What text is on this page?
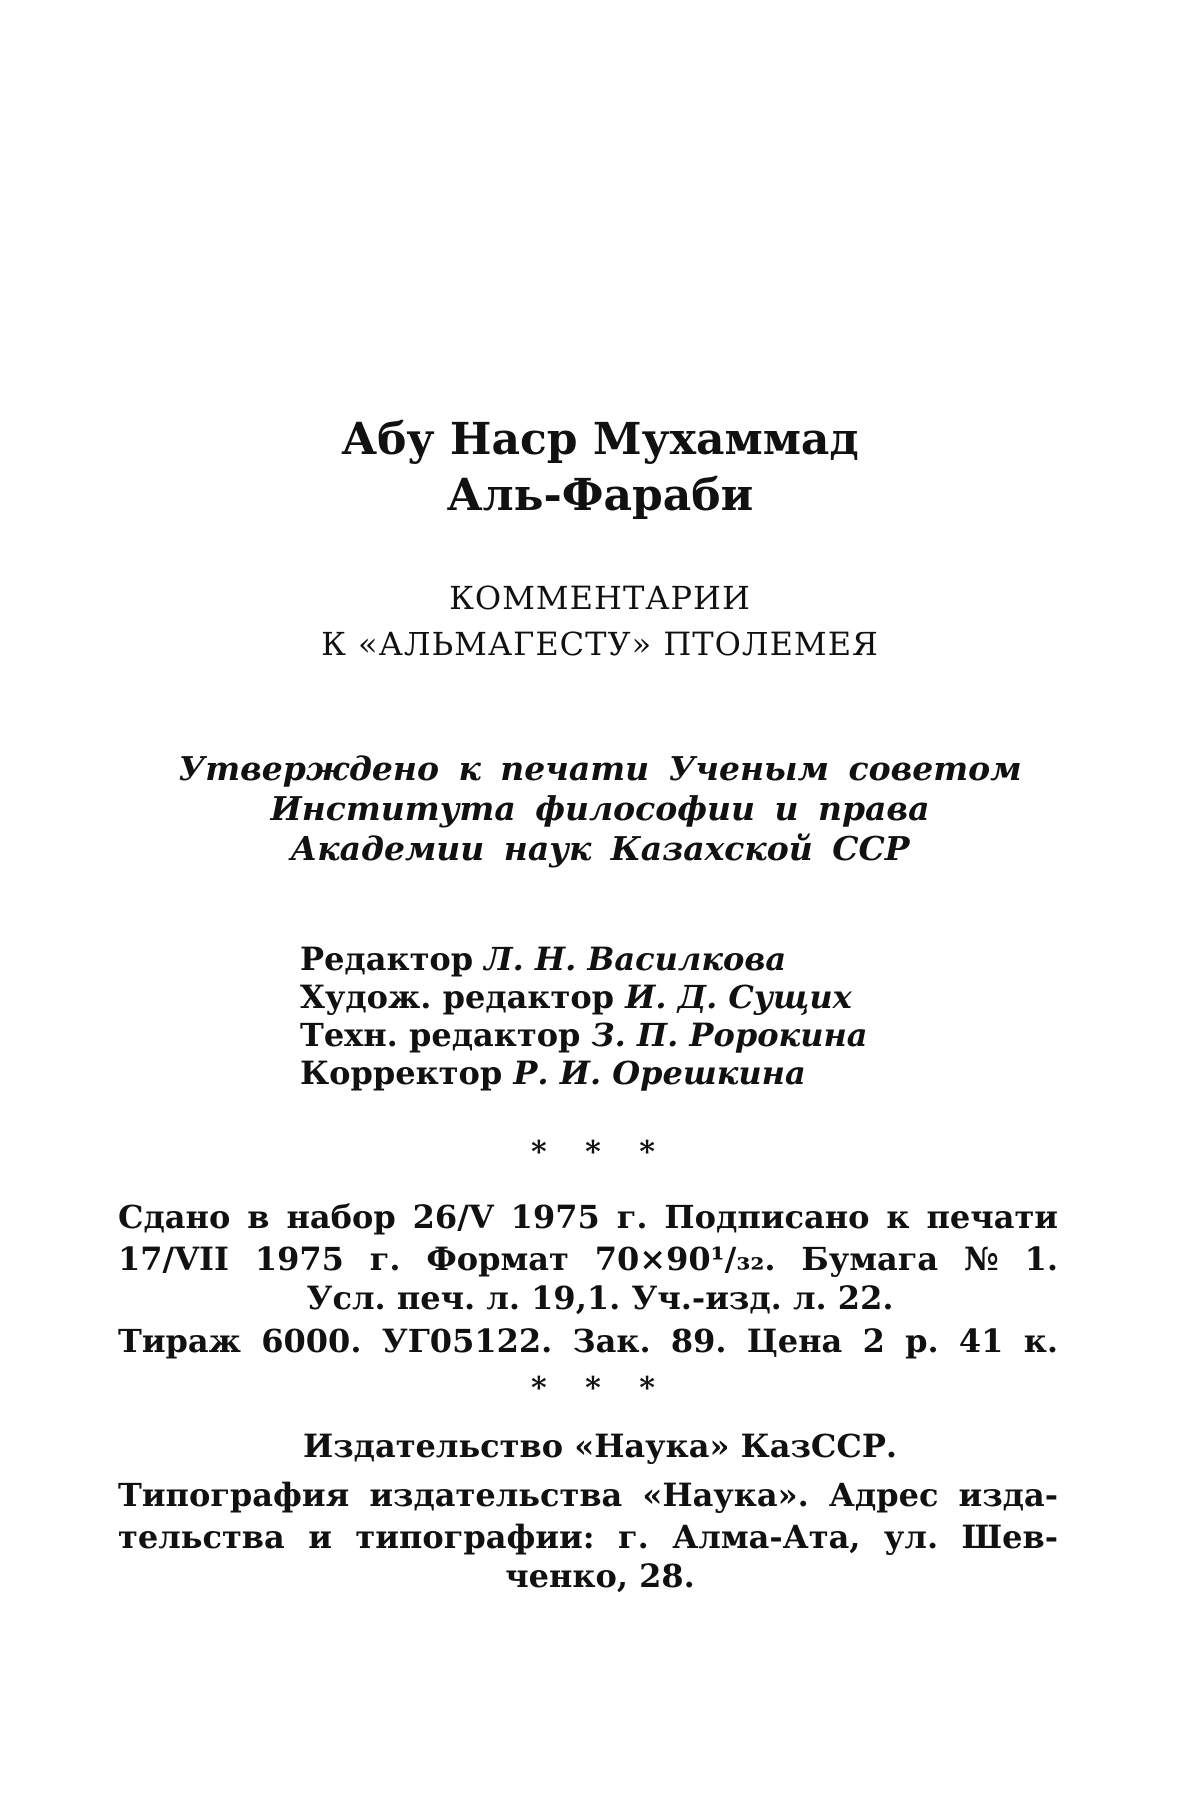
Абу Наср Мухаммад
Аль-Фараби
КОММЕНТАРИИ
К «АЛЬМАГЕСТУ» ПТОЛЕМЕЯ
Утверждено к печати Ученым советом
Института философии и права
Академии наук Казахской ССР
Редактор Л. Н. Василкова
Худож. редактор И. Д. Сущих
Техн. редактор З. П. Ророкина
Корректор Р. И. Орешкина
* * *
Сдано в набор 26/V 1975 г. Подписано к печати
17/VII 1975 г. Формат 70×90¹/₃₂. Бумага № 1.
Усл. печ. л. 19,1. Уч.-изд. л. 22.
Тираж 6000. УГ05122. Зак. 89. Цена 2 р. 41 к.
* * *
Издательство «Наука» КазССР.
Типография издательства «Наука». Адрес изда-
тельства и типографии: г. Алма-Ата, ул. Шев-
ченко, 28.
